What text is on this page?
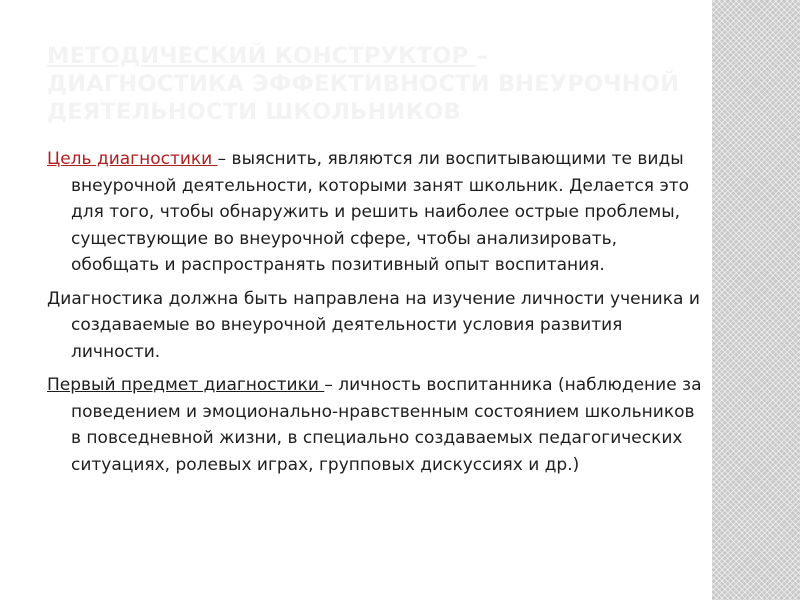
МЕТОДИЧЕСКИЙ КОНСТРУКТОР –
ДИАГНОСТИКА ЭФФЕКТИВНОСТИ ВНЕУРОЧНОЙ
ДЕЯТЕЛЬНОСТИ ШКОЛЬНИКОВ

Цель диагностики – выяснить, являются ли воспитывающими те виды внеурочной деятельности, которыми занят школьник. Делается это для того, чтобы обнаружить и решить наиболее острые проблемы, существующие во внеурочной сфере, чтобы анализировать, обобщать и распространять позитивный опыт воспитания.

Диагностика должна быть направлена на изучение личности ученика и создаваемые во внеурочной деятельности условия развития личности.

Первый предмет диагностики – личность воспитанника (наблюдение за поведением и эмоционально-нравственным состоянием школьников в повседневной жизни, в специально создаваемых педагогических ситуациях, ролевых играх, групповых дискуссиях и др.)
